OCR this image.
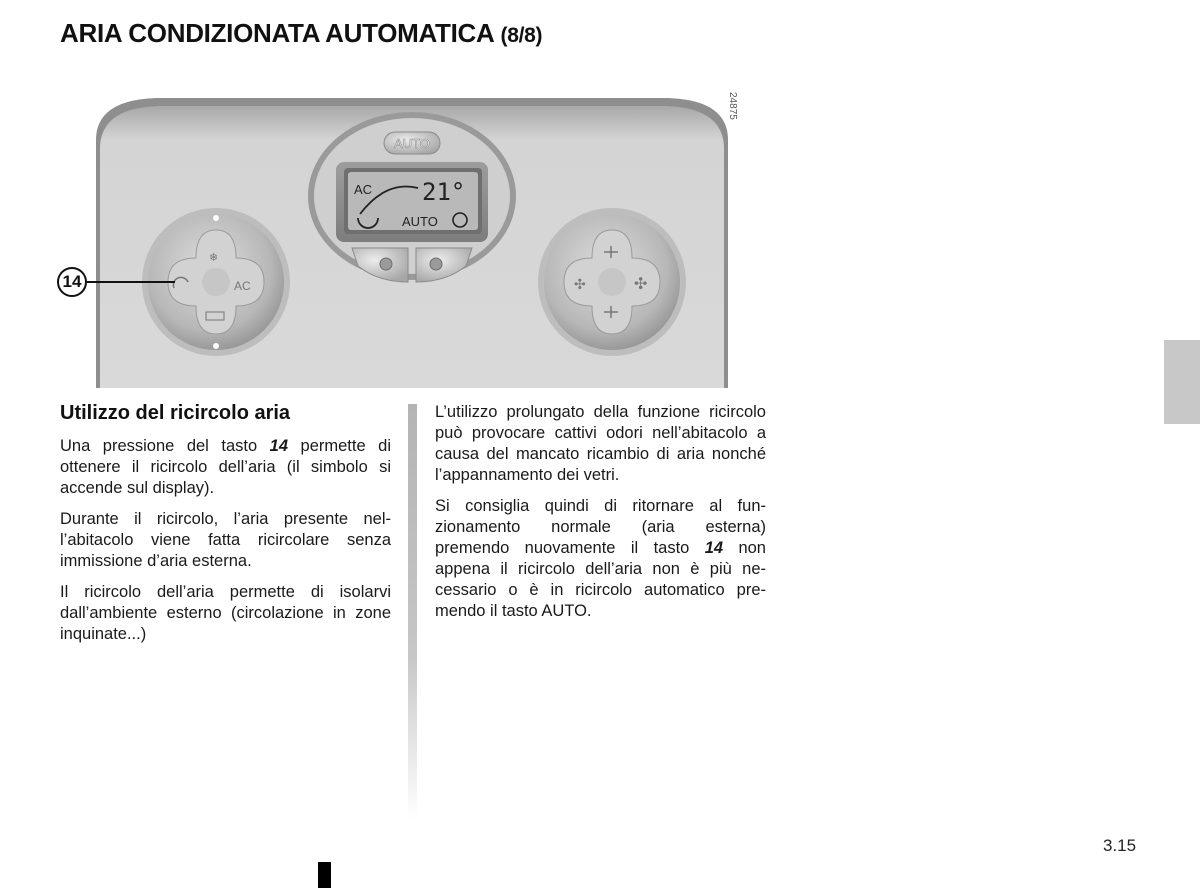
ARIA CONDIZIONATA AUTOMATICA (8/8)
AUTO
AC 21°
AUTO
❄
AC	✣	✣
24875
14
Utilizzo del ricircolo aria

Una pressione del tasto 14 permette di ottenere il ricircolo dell’aria (il simbolo si accende sul display).

Durante il ricircolo, l’aria presente nell’abitacolo viene fatta ricircolare senza immissione d’aria esterna.

Il ricircolo dell’aria permette di isolarvi dall’ambiente esterno (circolazione in zone inquinate...)

L’utilizzo prolungato della funzione ricircolo può provocare cattivi odori nell’abitacolo a causa del mancato ricambio di aria nonché l’appannamento dei vetri.

Si consiglia quindi di ritornare al funzionamento normale (aria esterna) premendo nuovamente il tasto 14 non appena il ricircolo dell’aria non è più necessario o è in ricircolo automatico premendo il tasto AUTO.

3.15
